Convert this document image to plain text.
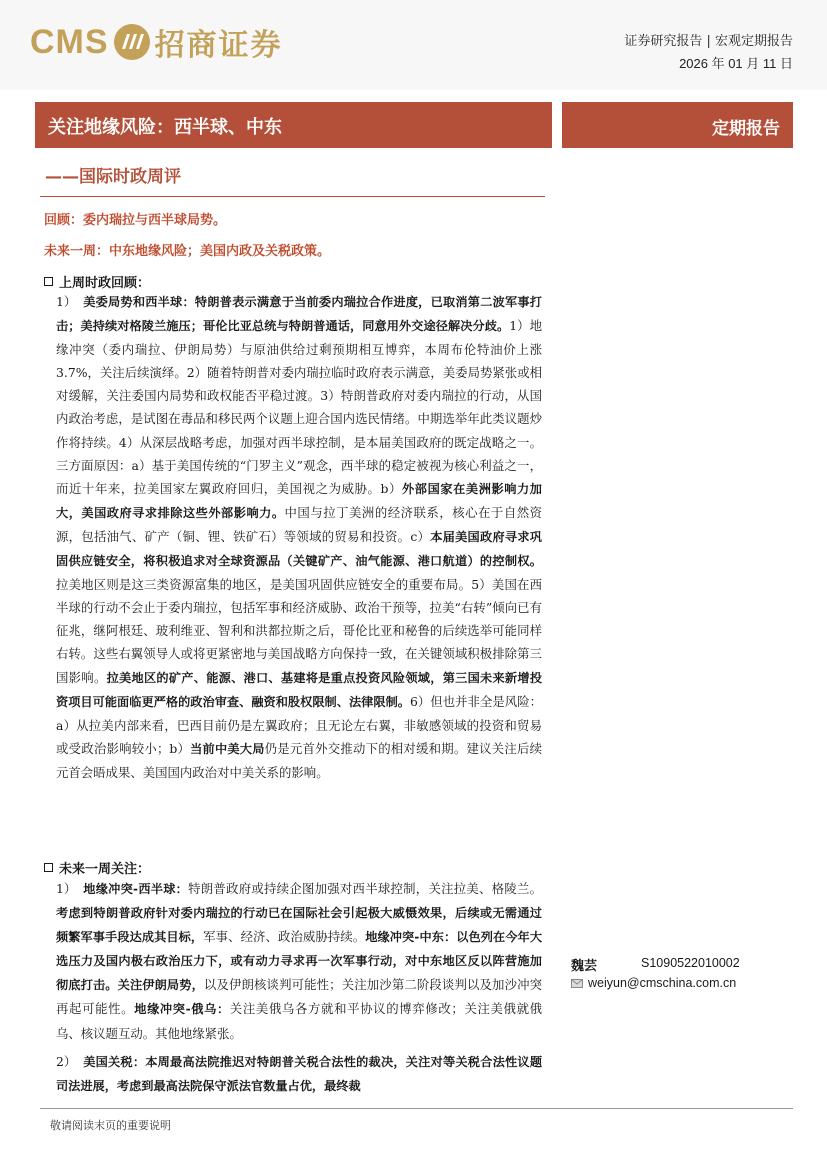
CMS 招商证券	证券研究报告 | 宏观定期报告
2026 年 01 月 11 日
关注地缘风险：西半球、中东	定期报告
——国际时政周评
回顾：委内瑞拉与西半球局势。
未来一周：中东地缘风险；美国内政及关税政策。
上周时政回顾：
1） 美委局势和西半球：特朗普表示满意于当前委内瑞拉合作进度，已取消第二波军事打击；美持续对格陵兰施压；哥伦比亚总统与特朗普通话，同意用外交途径解决分歧。1）地缘冲突（委内瑞拉、伊朗局势）与原油供给过剩预期相互博弈，本周布伦特油价上涨 3.7%，关注后续演绎。2）随着特朗普对委内瑞拉临时政府表示满意，美委局势紧张或相对缓解，关注委国内局势和政权能否平稳过渡。3）特朗普政府对委内瑞拉的行动，从国内政治考虑，是试图在毒品和移民两个议题上迎合国内选民情绪。中期选举年此类议题炒作将持续。4）从深层战略考虑，加强对西半球控制，是本届美国政府的既定战略之一。三方面原因：a）基于美国传统的“门罗主义”观念，西半球的稳定被视为核心利益之一，而近十年来，拉美国家左翼政府回归，美国视之为威胁。b）外部国家在美洲影响力加大，美国政府寻求排除这些外部影响力。中国与拉丁美洲的经济联系，核心在于自然资源，包括油气、矿产（铜、锂、铁矿石）等领域的贸易和投资。c）本届美国政府寻求巩固供应链安全，将积极追求对全球资源品（关键矿产、油气能源、港口航道）的控制权。拉美地区则是这三类资源富集的地区，是美国巩固供应链安全的重要布局。5）美国在西半球的行动不会止于委内瑞拉，包括军事和经济威胁、政治干预等，拉美“右转”倾向已有征兆，继阿根廷、玻利维亚、智利和洪都拉斯之后，哥伦比亚和秘鲁的后续选举可能同样右转。这些右翼领导人或将更紧密地与美国战略方向保持一致，在关键领域积极排除第三国影响。拉美地区的矿产、能源、港口、基建将是重点投资风险领域，第三国未来新增投资项目可能面临更严格的政治审查、融资和股权限制、法律限制。6）但也并非全是风险：a）从拉美内部来看，巴西目前仍是左翼政府；且无论左右翼，非敏感领域的投资和贸易或受政治影响较小；b）当前中美大局仍是元首外交推动下的相对缓和期。建议关注后续元首会晤成果、美国国内政治对中美关系的影响。
未来一周关注：
1） 地缘冲突-西半球：特朗普政府或持续企图加强对西半球控制，关注拉美、格陵兰。考虑到特朗普政府针对委内瑞拉的行动已在国际社会引起极大威慑效果，后续或无需通过频繁军事手段达成其目标，军事、经济、政治威胁持续。地缘冲突-中东：以色列在今年大选压力及国内极右政治压力下，或有动力寻求再一次军事行动，对中东地区反以阵营施加彻底打击。关注伊朗局势，以及伊朗核谈判可能性；关注加沙第二阶段谈判以及加沙冲突再起可能性。地缘冲突-俄乌：关注美俄乌各方就和平协议的博弈修改；关注美俄就俄乌、核议题互动。其他地缘紧张。
2） 美国关税：本周最高法院推迟对特朗普关税合法性的裁决，关注对等关税合法性议题司法进展，考虑到最高法院保守派法官数量占优，最终裁
魏芸	S1090522010002
weiyun@cmschina.com.cn
敬请阅读末页的重要说明
